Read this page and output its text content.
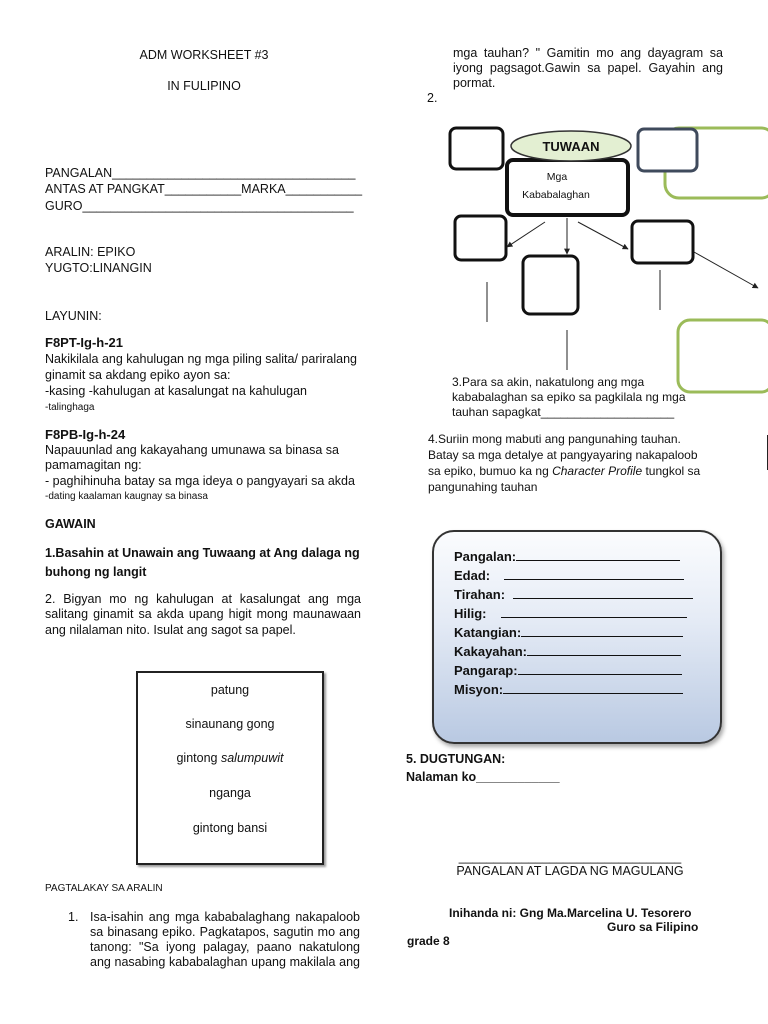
ADM WORKSHEET #3
IN FULIPINO
PANGALAN___________________________________
ANTAS AT PANGKAT___________MARKA___________
GURO_______________________________________
ARALIN: EPIKO
YUGTO:LINANGIN
LAYUNIN:
F8PT-Ig-h-21
Nakikilala ang kahulugan ng mga piling salita/ pariralang
ginamit sa akdang epiko ayon sa:
-kasing -kahulugan at kasalungat na kahulugan
-talinghaga
F8PB-Ig-h-24
Napauunlad ang kakayahang umunawa sa binasa sa
pamamagitan ng:
- paghihinuha batay sa mga ideya o pangyayari sa akda
-dating kaalaman kaugnay sa binasa
GAWAIN
1.Basahin at Unawain ang Tuwaang at Ang dalaga ng
buhong ng langit
2. Bigyan mo ng kahulugan at kasalungat ang mga
salitang ginamit sa akda upang higit mong maunawaan
ang nilalaman nito. Isulat ang sagot sa papel.
patung
sinaunang gong
gintong salumpuwit
nganga
gintong bansi
PAGTALAKAY SA ARALIN
1. Isa-isahin ang mga kababalaghang nakapaloob
sa binasang epiko. Pagkatapos, sagutin mo ang
tanong: "Sa iyong palagay, paano nakatulong
ang nasabing kababalaghan upang makilala ang
mga tauhan? " Gamitin mo ang dayagram sa
iyong pagsagot.Gawin sa papel. Gayahin ang
pormat.
2.
TUWAAN
Mga
Kababalaghan
3.Para sa akin, nakatulong ang mga
kababalaghan sa epiko sa pagkilala ng mga
tauhan sapagkat____________________
4.Suriin mong mabuti ang pangunahing tauhan.
Batay sa mga detalye at pangyayaring nakapaloob
sa epiko, bumuo ka ng Character Profile tungkol sa
pangunahing tauhan
Pangalan:
Edad:
Tirahan:
Hilig:
Katangian:
Kakayahan:
Pangarap:
Misyon:
5. DUGTUNGAN:
Nalaman ko____________
________________________________
PANGALAN AT LAGDA NG MAGULANG
Inihanda ni: Gng Ma.Marcelina U. Tesorero
Guro sa Filipino
grade 8
